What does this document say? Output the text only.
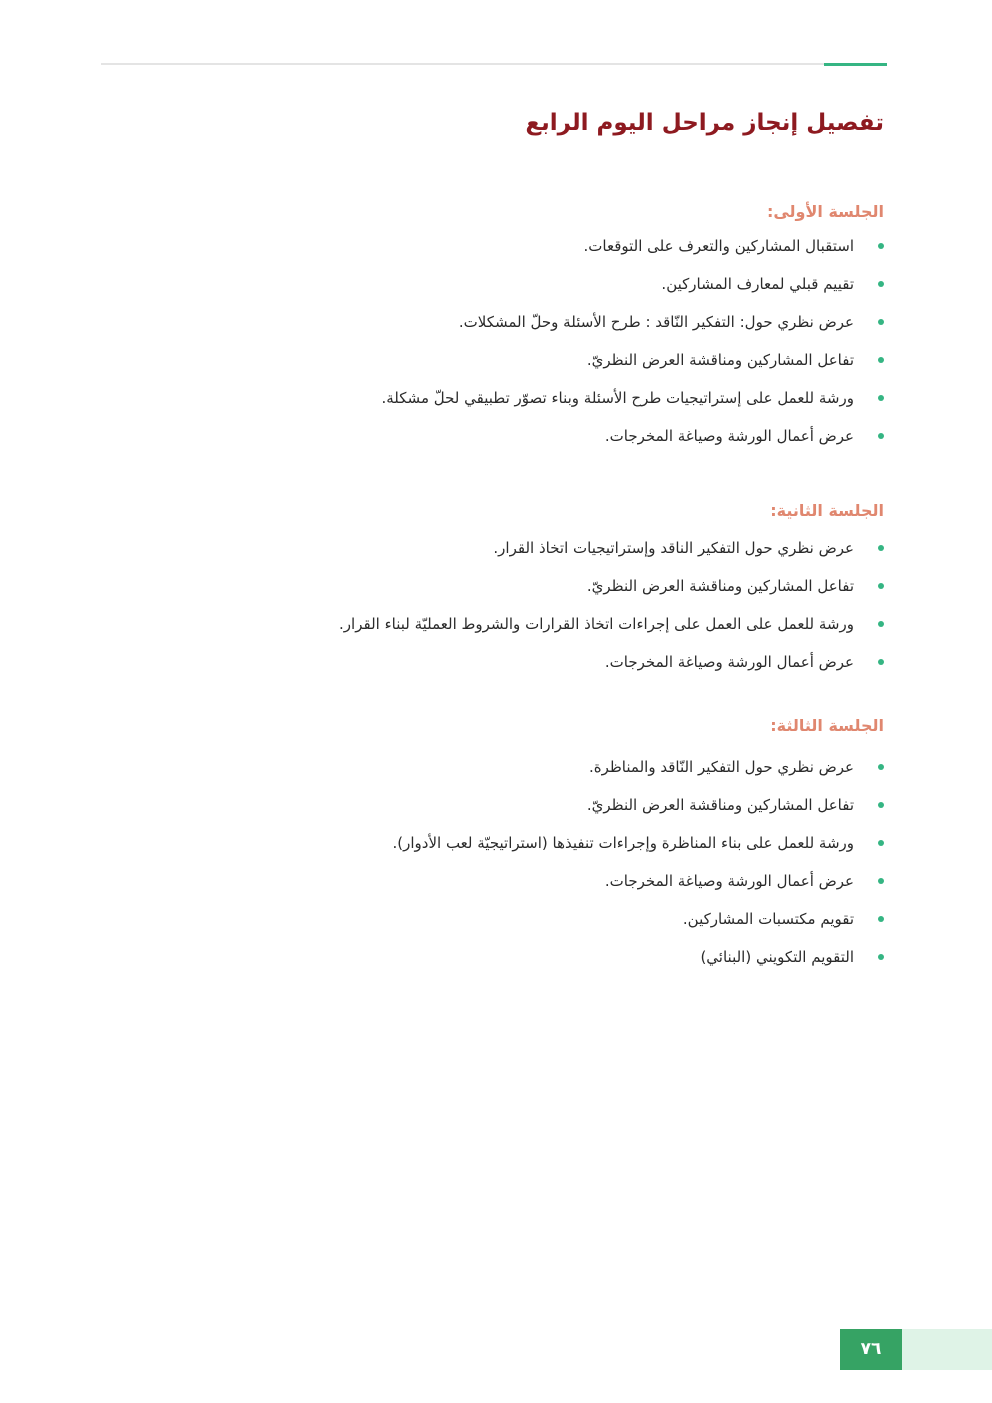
تفصيل إنجاز مراحل اليوم الرابع
الجلسة الأولى:
استقبال المشاركين والتعرف على التوقعات.
تقييم قبلي لمعارف المشاركين.
عرض نظري حول: التفكير النّاقد : طرح الأسئلة وحلّ المشكلات.
تفاعل المشاركين ومناقشة العرض النظريّ.
ورشة للعمل على إستراتيجيات طرح الأسئلة وبناء تصوّر تطبيقي لحلّ مشكلة.
عرض أعمال الورشة وصياغة المخرجات.
الجلسة الثانية:
عرض نظري حول التفكير الناقد وإستراتيجيات اتخاذ القرار.
تفاعل المشاركين ومناقشة العرض النظريّ.
ورشة للعمل على العمل على إجراءات اتخاذ القرارات والشروط العمليّة لبناء القرار.
عرض أعمال الورشة وصياغة المخرجات.
الجلسة الثالثة:
عرض نظري حول التفكير النّاقد والمناظرة.
تفاعل المشاركين ومناقشة العرض النظريّ.
ورشة للعمل على بناء المناظرة وإجراءات تنفيذها (استراتيجيّة لعب الأدوار).
عرض أعمال الورشة وصياغة المخرجات.
تقويم مكتسبات المشاركين.
التقويم التكويني (البنائي)
٧٦
